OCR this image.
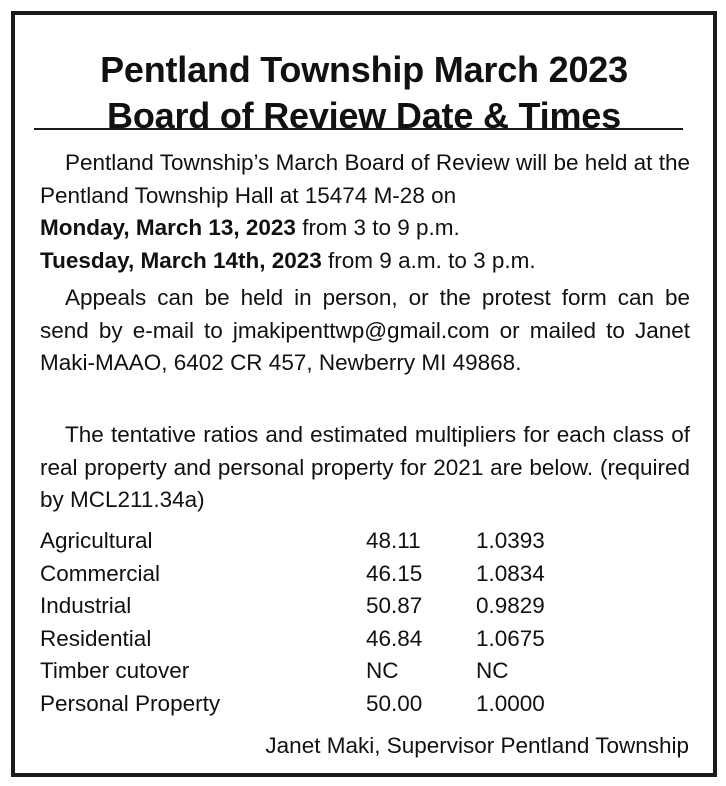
Pentland Township March 2023
Board of Review Date & Times
Pentland Township’s March Board of Review will be held at the Pentland Township Hall at 15474 M-28 on
Monday, March 13, 2023 from 3 to 9 p.m.
Tuesday, March 14th, 2023 from 9 a.m. to 3 p.m.
Appeals can be held in person, or the protest form can be send by e-mail to jmakipenttwp@gmail.com or mailed to Janet Maki-MAAO, 6402 CR 457, Newberry MI 49868.
The tentative ratios and estimated multipliers for each class of real property and personal property for 2021 are below. (required by MCL211.34a)
Agricultural	48.11 1.0393
Commercial	46.15 1.0834
Industrial	50.87 0.9829
Residential	46.84 1.0675
Timber cutover	NC	NC
Personal Property	50.00 1.0000
Janet Maki, Supervisor Pentland Township
